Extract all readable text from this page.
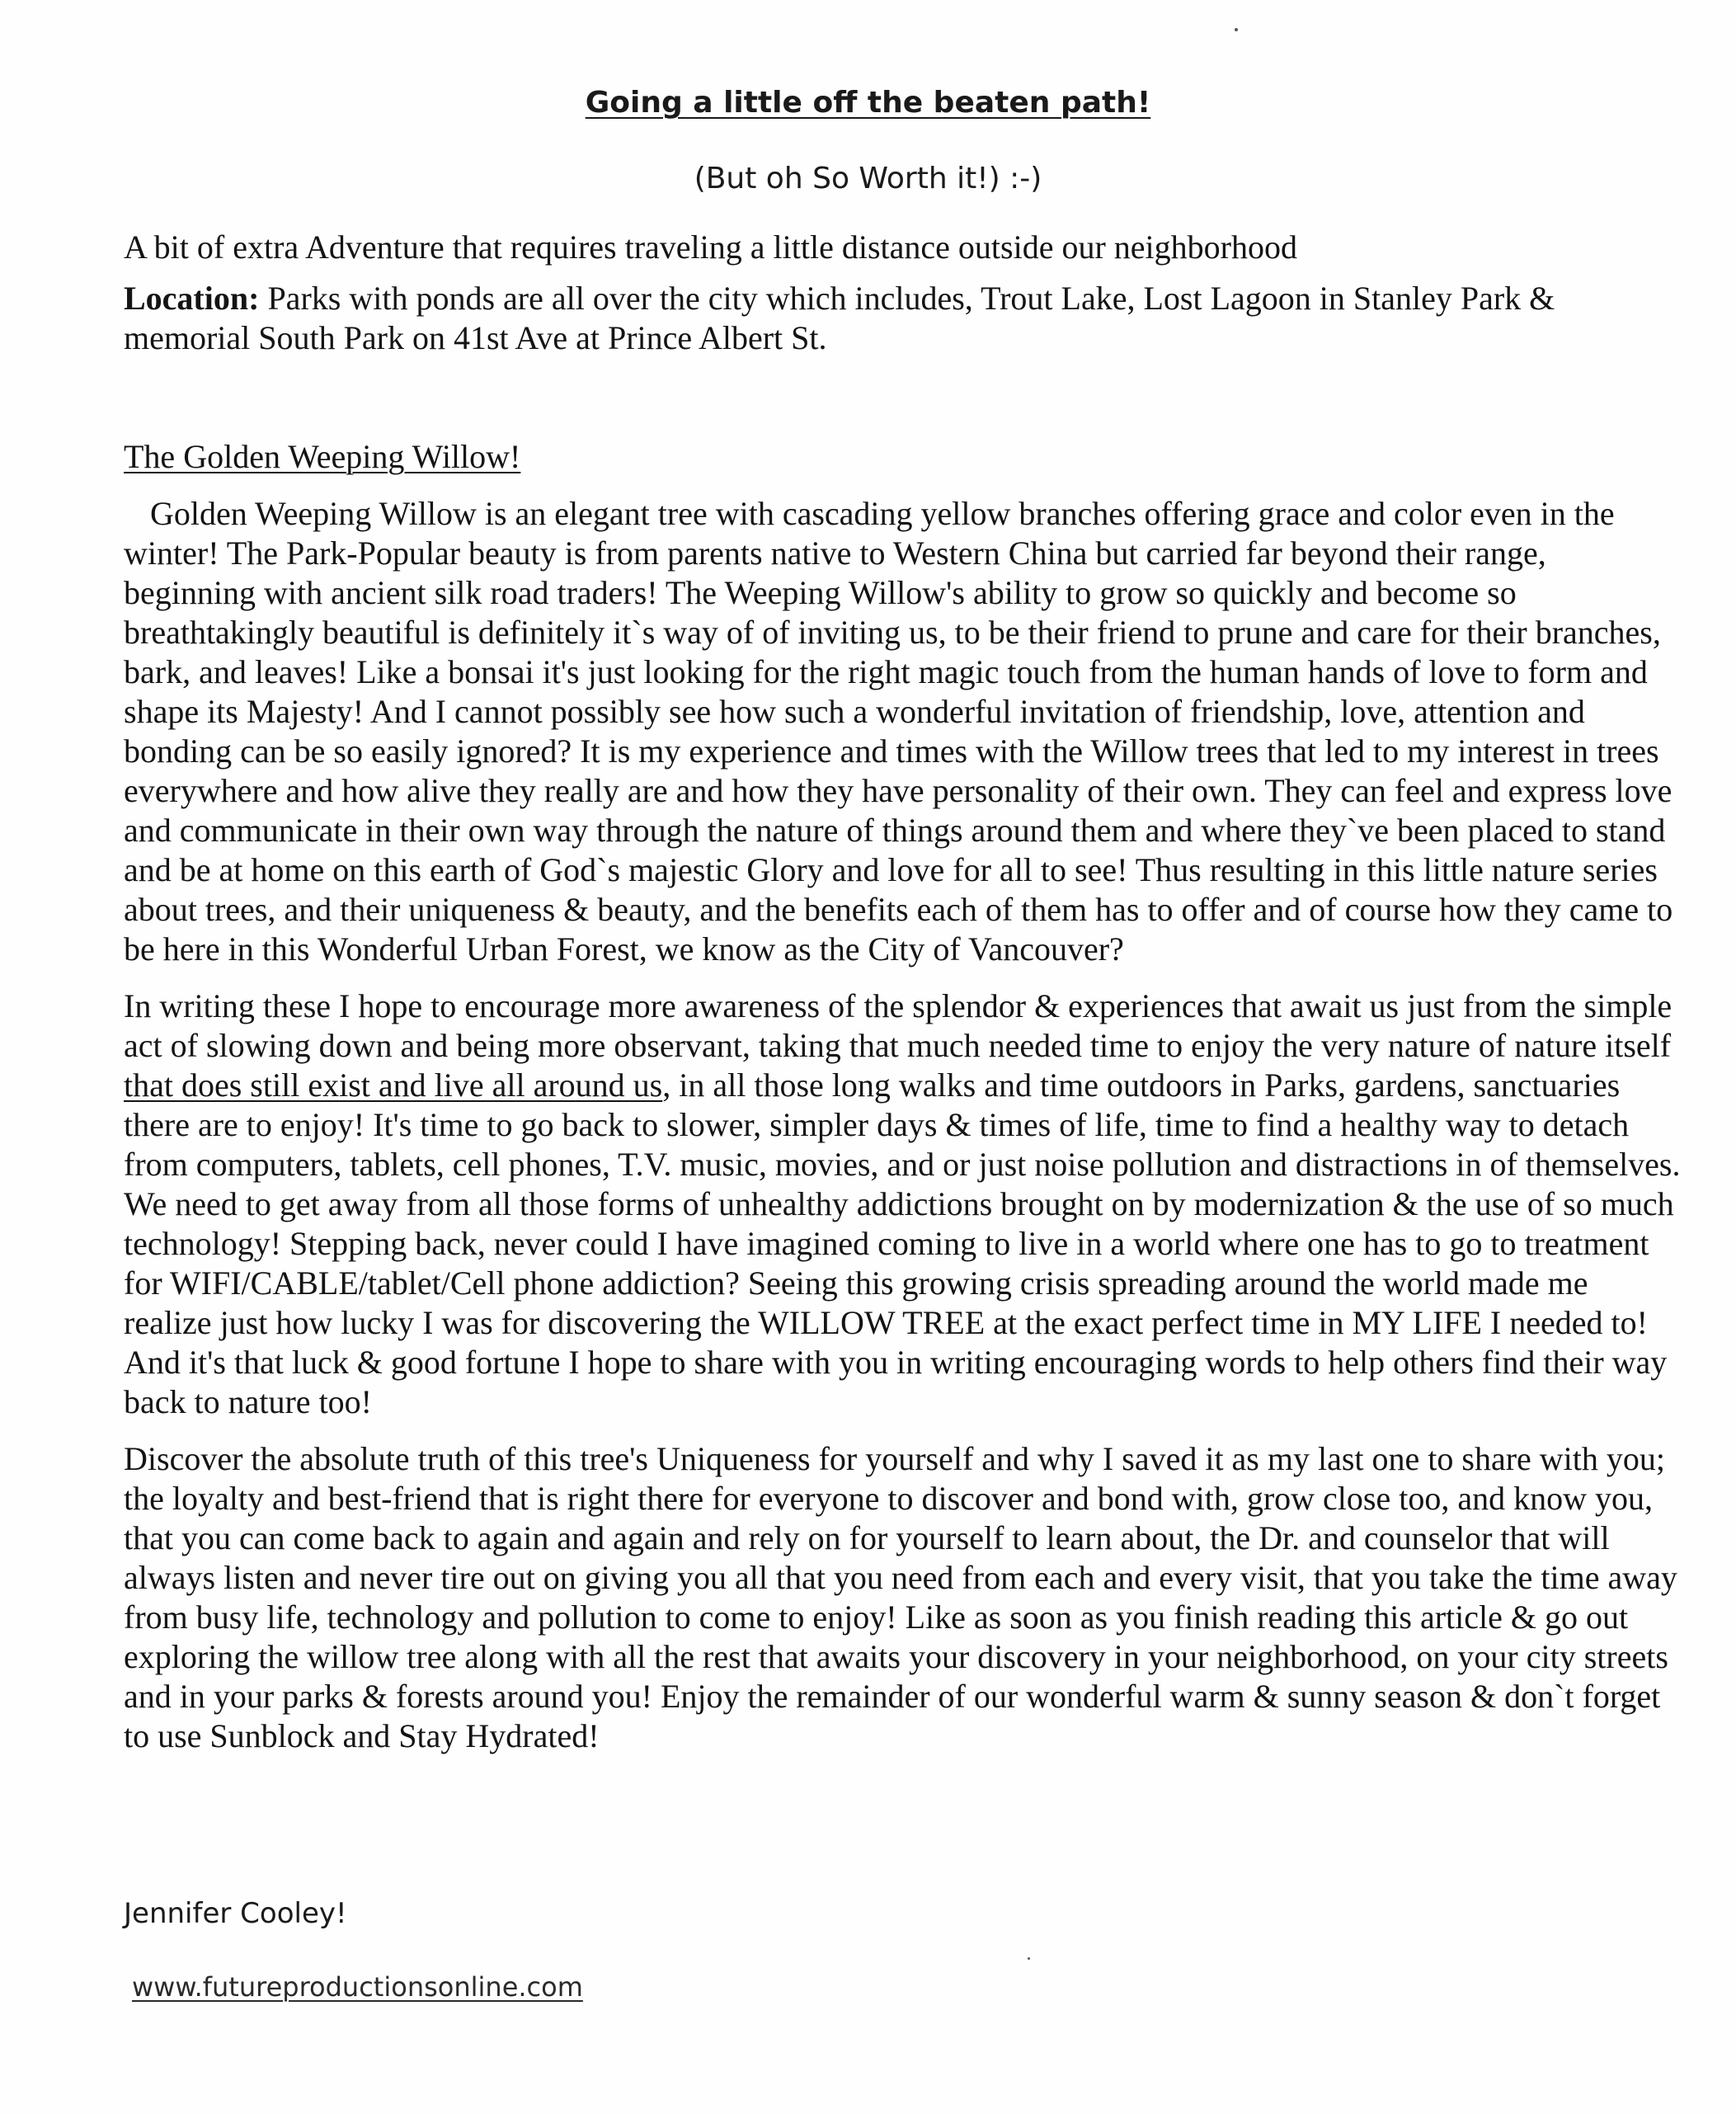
Going a little off the beaten path!
(But oh So Worth it!) :-)

A bit of extra Adventure that requires traveling a little distance outside our neighborhood

Location: Parks with ponds are all over the city which includes, Trout Lake, Lost Lagoon in Stanley Park & memorial South Park on 41st Ave at Prince Albert St.

The Golden Weeping Willow!

Golden Weeping Willow is an elegant tree with cascading yellow branches offering grace and color even in the winter! The Park-Popular beauty is from parents native to Western China but carried far beyond their range, beginning with ancient silk road traders! The Weeping Willow's ability to grow so quickly and become so breathtakingly beautiful is definitely it`s way of of inviting us, to be their friend to prune and care for their branches, bark, and leaves! Like a bonsai it's just looking for the right magic touch from the human hands of love to form and shape its Majesty! And I cannot possibly see how such a wonderful invitation of friendship, love, attention and bonding can be so easily ignored? It is my experience and times with the Willow trees that led to my interest in trees everywhere and how alive they really are and how they have personality of their own. They can feel and express love and communicate in their own way through the nature of things around them and where they`ve been placed to stand and be at home on this earth of God`s majestic Glory and love for all to see! Thus resulting in this little nature series about trees, and their uniqueness & beauty, and the benefits each of them has to offer and of course how they came to be here in this Wonderful Urban Forest, we know as the City of Vancouver?

In writing these I hope to encourage more awareness of the splendor & experiences that await us just from the simple act of slowing down and being more observant, taking that much needed time to enjoy the very nature of nature itself that does still exist and live all around us, in all those long walks and time outdoors in Parks, gardens, sanctuaries there are to enjoy! It's time to go back to slower, simpler days & times of life, time to find a healthy way to detach from computers, tablets, cell phones, T.V. music, movies, and or just noise pollution and distractions in of themselves. We need to get away from all those forms of unhealthy addictions brought on by modernization & the use of so much technology! Stepping back, never could I have imagined coming to live in a world where one has to go to treatment for WIFI/CABLE/tablet/Cell phone addiction? Seeing this growing crisis spreading around the world made me realize just how lucky I was for discovering the WILLOW TREE at the exact perfect time in MY LIFE I needed to! And it's that luck & good fortune I hope to share with you in writing encouraging words to help others find their way back to nature too!

Discover the absolute truth of this tree's Uniqueness for yourself and why I saved it as my last one to share with you; the loyalty and best-friend that is right there for everyone to discover and bond with, grow close too, and know you, that you can come back to again and again and rely on for yourself to learn about, the Dr. and counselor that will always listen and never tire out on giving you all that you need from each and every visit, that you take the time away from busy life, technology and pollution to come to enjoy! Like as soon as you finish reading this article & go out exploring the willow tree along with all the rest that awaits your discovery in your neighborhood, on your city streets and in your parks & forests around you! Enjoy the remainder of our wonderful warm & sunny season & don`t forget to use Sunblock and Stay Hydrated!

Jennifer Cooley!

www.futureproductionsonline.com
